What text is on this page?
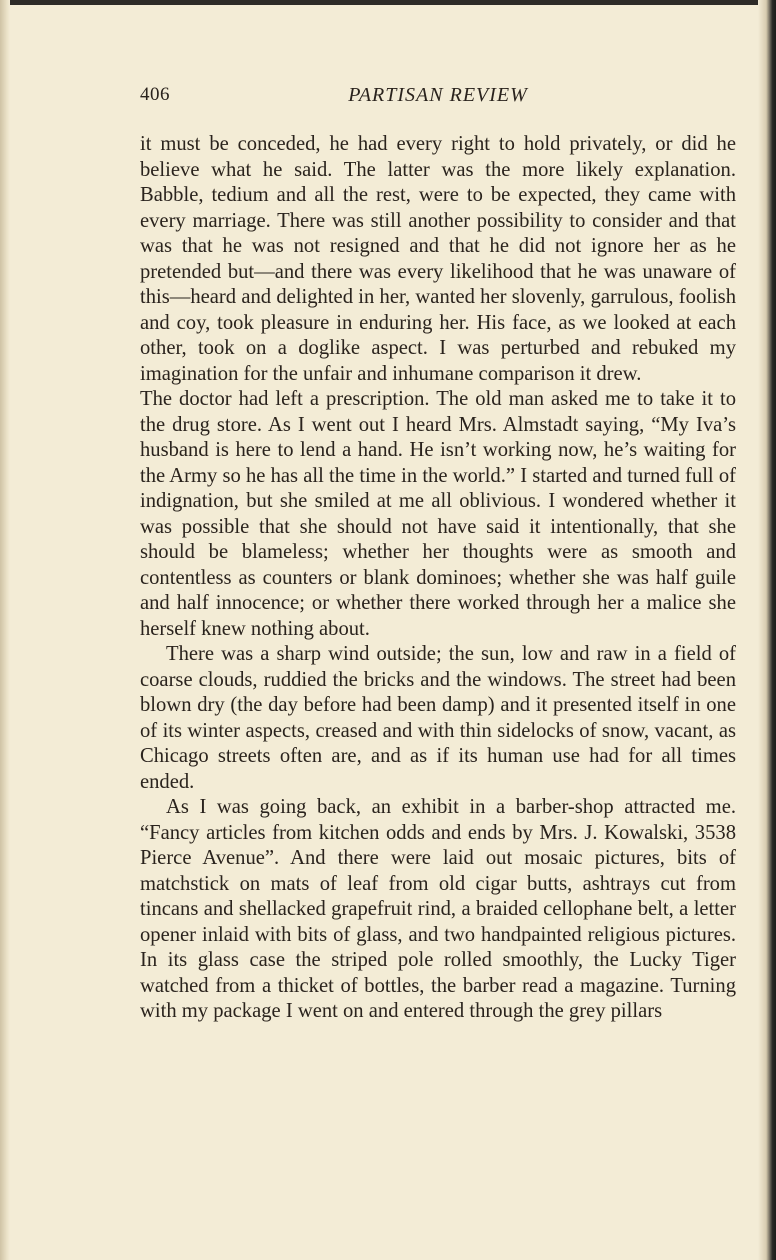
406	PARTISAN REVIEW

it must be conceded, he had every right to hold privately, or did he believe what he said. The latter was the more likely explanation. Babble, tedium and all the rest, were to be expected, they came with every marriage. There was still another possibility to consider and that was that he was not resigned and that he did not ignore her as he pretended but—and there was every likelihood that he was unaware of this—heard and delighted in her, wanted her slovenly, garrulous, foolish and coy, took pleasure in enduring her. His face, as we looked at each other, took on a doglike aspect. I was perturbed and rebuked my imagination for the unfair and inhumane comparison it drew.

The doctor had left a prescription. The old man asked me to take it to the drug store. As I went out I heard Mrs. Almstadt saying, “My Iva’s husband is here to lend a hand. He isn’t working now, he’s waiting for the Army so he has all the time in the world.” I started and turned full of indignation, but she smiled at me all oblivious. I wondered whether it was possible that she should not have said it intentionally, that she should be blameless; whether her thoughts were as smooth and contentless as counters or blank dominoes; whether she was half guile and half innocence; or whether there worked through her a malice she herself knew nothing about.

There was a sharp wind outside; the sun, low and raw in a field of coarse clouds, ruddied the bricks and the windows. The street had been blown dry (the day before had been damp) and it presented itself in one of its winter aspects, creased and with thin sidelocks of snow, vacant, as Chicago streets often are, and as if its human use had for all times ended.

As I was going back, an exhibit in a barber-shop attracted me. “Fancy articles from kitchen odds and ends by Mrs. J. Kowalski, 3538 Pierce Avenue”. And there were laid out mosaic pictures, bits of matchstick on mats of leaf from old cigar butts, ashtrays cut from tincans and shellacked grapefruit rind, a braided cellophane belt, a letter opener inlaid with bits of glass, and two handpainted religious pictures. In its glass case the striped pole rolled smoothly, the Lucky Tiger watched from a thicket of bottles, the barber read a magazine. Turning with my package I went on and entered through the grey pillars
